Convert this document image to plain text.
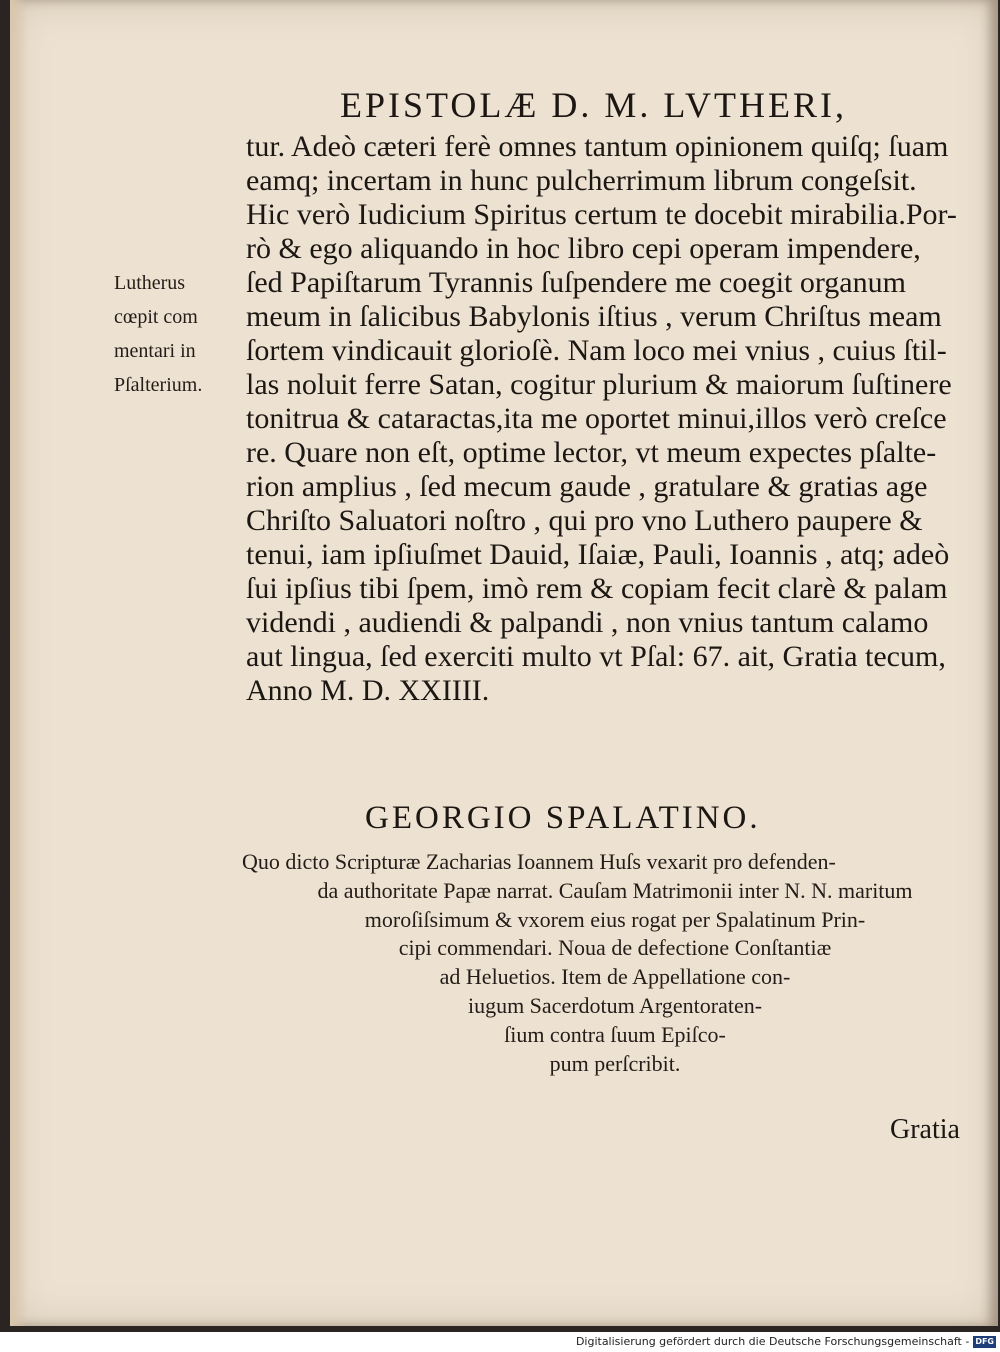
EPISTOLÆ D. M. LVTHERI,
tur. Adeò cæteri ferè omnes tantum opinionem quiſq; ſuam
eamq; incertam in hunc pulcherrimum librum congeſsit.
Hic verò Iudicium Spiritus certum te docebit mirabilia.Por-
rò & ego aliquando in hoc libro cepi operam impendere,
ſed Papiſtarum Tyrannis ſuſpendere me coegit organum
meum in ſalicibus Babylonis iſtius , verum Chriſtus meam
ſortem vindicauit glorioſè. Nam loco mei vnius , cuius ſtil-
las noluit ferre Satan, cogitur plurium & maiorum ſuſtinere
tonitrua & cataractas,ita me oportet minui,illos verò creſce
re. Quare non eſt, optime lector, vt meum expectes pſalte-
rion amplius , ſed mecum gaude , gratulare & gratias age
Chriſto Saluatori noſtro , qui pro vno Luthero paupere &
tenui, iam ipſiuſmet Dauid, Iſaiæ, Pauli, Ioannis , atq; adeò
ſui ipſius tibi ſpem, imò rem & copiam fecit clarè & palam
videndi , audiendi & palpandi , non vnius tantum calamo
aut lingua, ſed exerciti multo vt Pſal: 67. ait, Gratia tecum,
Anno M. D. XXIIII.
Lutherus
cœpit com
mentari in
Pſalterium.
GEORGIO SPALATINO.
Quo dicto Scripturæ Zacharias Ioannem Huſs vexarit pro defenden-
da authoritate Papæ narrat. Cauſam Matrimonii inter N. N. maritum
moroſiſsimum & vxorem eius rogat per Spalatinum Prin-
cipi commendari. Noua de defectione Conſtantiæ
ad Heluetios. Item de Appellatione con-
iugum Sacerdotum Argentoraten-
ſium contra ſuum Epiſco-
pum perſcribit.
Gratia
Digitalisierung gefördert durch die Deutsche Forschungsgemeinschaft - DFG
